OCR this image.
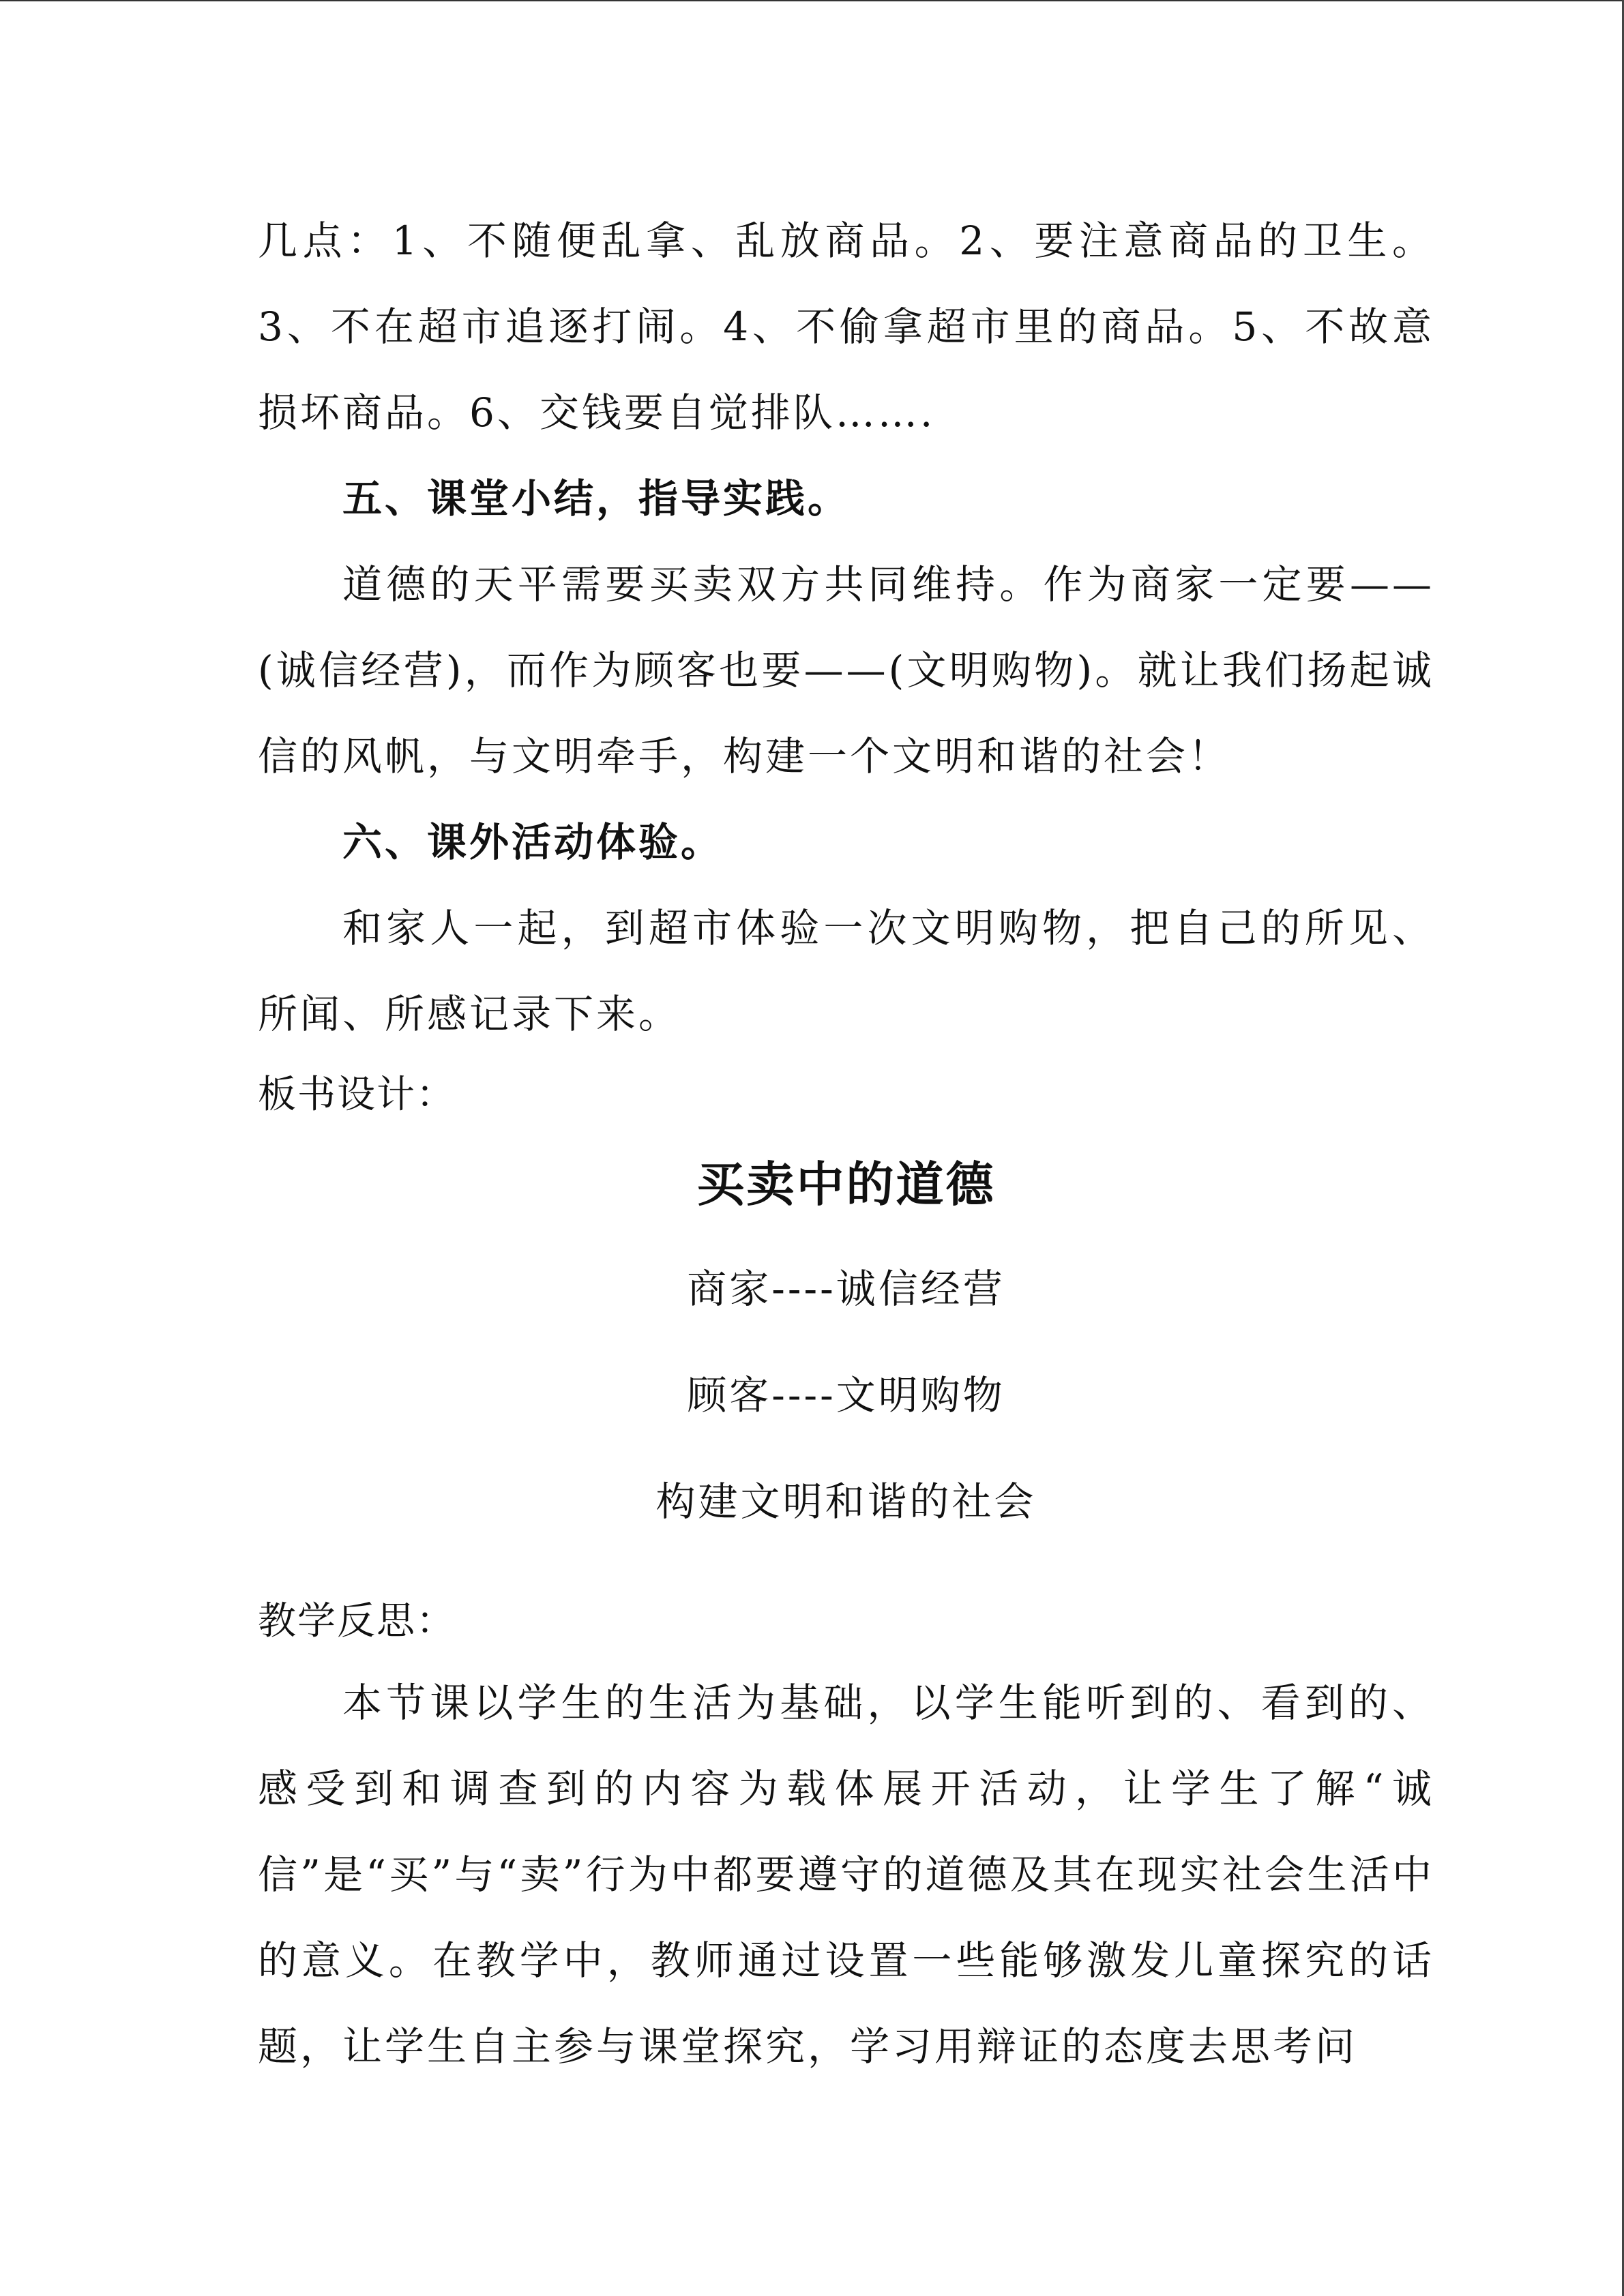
几点：1、不随便乱拿、乱放商品。2、要注意商品的卫生。3、不在超市追逐打闹。4、不偷拿超市里的商品。5、不故意损坏商品。6、交钱要自觉排队…….

五、课堂小结，指导实践。

道德的天平需要买卖双方共同维持。作为商家一定要——(诚信经营)，而作为顾客也要——(文明购物)。就让我们扬起诚信的风帆，与文明牵手，构建一个文明和谐的社会！

六、课外活动体验。

和家人一起，到超市体验一次文明购物，把自己的所见、所闻、所感记录下来。

板书设计：

买卖中的道德

商家----诚信经营

顾客----文明购物

构建文明和谐的社会

教学反思：

本节课以学生的生活为基础，以学生能听到的、看到的、感受到和调查到的内容为载体展开活动，让学生了解“诚信”是“买”与“卖”行为中都要遵守的道德及其在现实社会生活中的意义。在教学中，教师通过设置一些能够激发儿童探究的话题，让学生自主参与课堂探究，学习用辩证的态度去思考问
